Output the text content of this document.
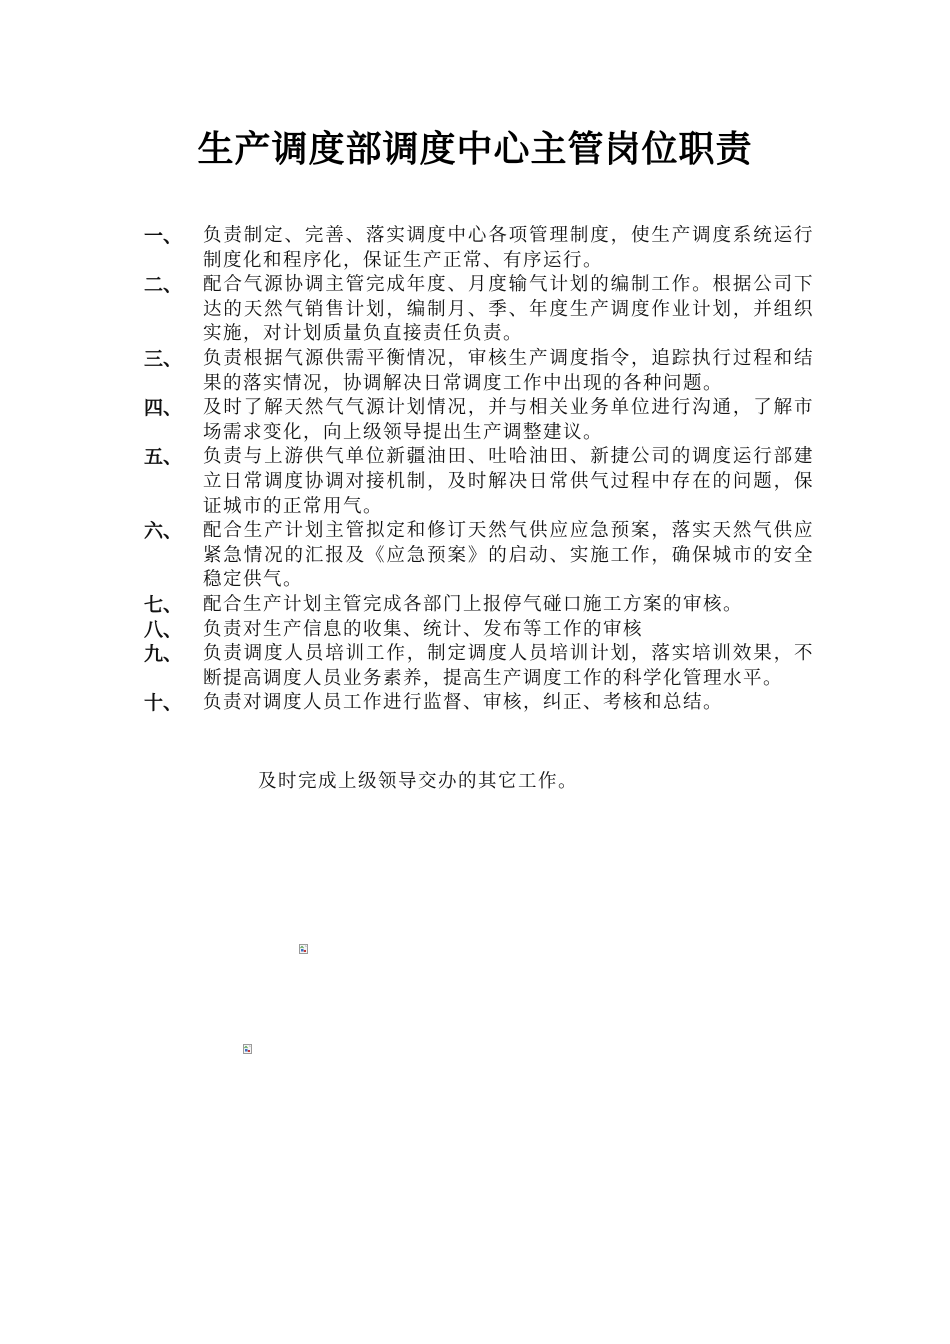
生产调度部调度中心主管岗位职责
一、	负责制定、完善、落实调度中心各项管理制度，使生产调度系统运行制度化和程序化，保证生产正常、有序运行。
二、	配合气源协调主管完成年度、月度输气计划的编制工作。根据公司下达的天然气销售计划，编制月、季、年度生产调度作业计划，并组织实施，对计划质量负直接责任负责。
三、	负责根据气源供需平衡情况，审核生产调度指令，追踪执行过程和结果的落实情况，协调解决日常调度工作中出现的各种问题。
四、	及时了解天然气气源计划情况，并与相关业务单位进行沟通，了解市场需求变化，向上级领导提出生产调整建议。
五、	负责与上游供气单位新疆油田、吐哈油田、新捷公司的调度运行部建立日常调度协调对接机制，及时解决日常供气过程中存在的问题，保证城市的正常用气。
六、	配合生产计划主管拟定和修订天然气供应应急预案，落实天然气供应紧急情况的汇报及《应急预案》的启动、实施工作，确保城市的安全稳定供气。
七、	配合生产计划主管完成各部门上报停气碰口施工方案的审核。
八、	负责对生产信息的收集、统计、发布等工作的审核
九、	负责调度人员培训工作，制定调度人员培训计划，落实培训效果，不断提高调度人员业务素养，提高生产调度工作的科学化管理水平。
十、	负责对调度人员工作进行监督、审核，纠正、考核和总结。
及时完成上级领导交办的其它工作。
